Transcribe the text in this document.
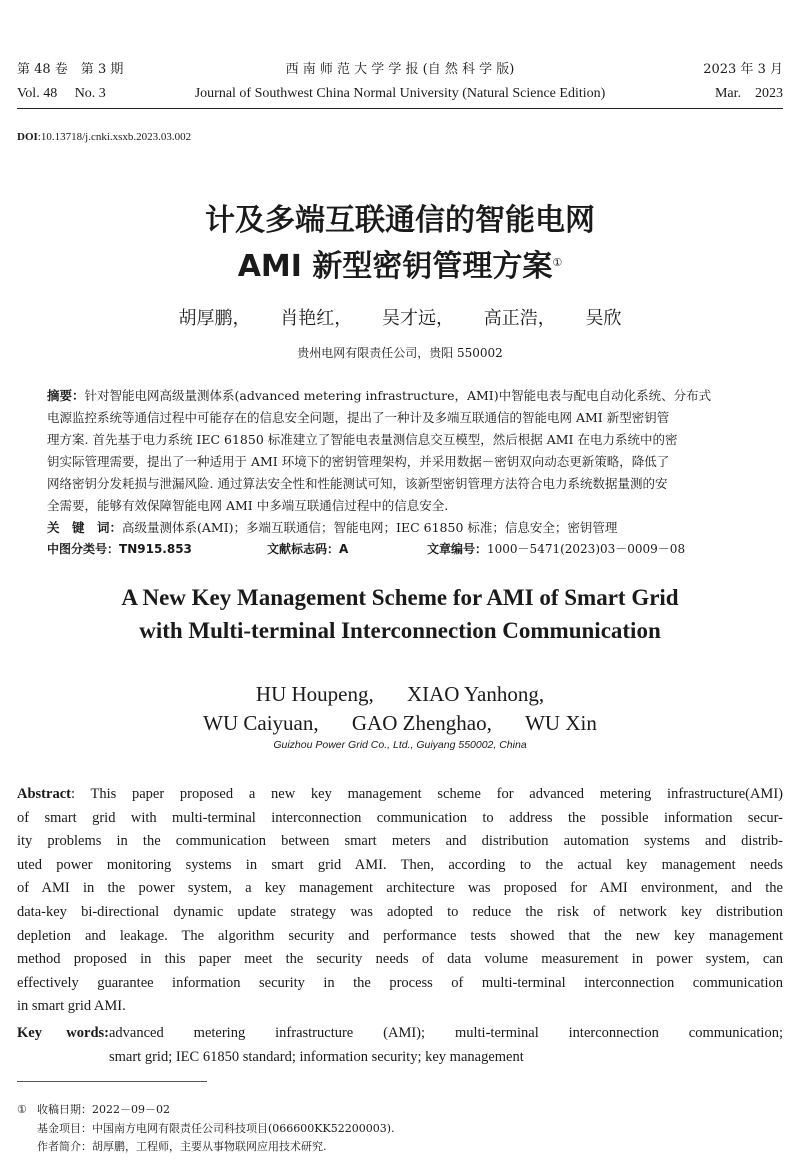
第 48 卷　第 3 期	西 南 师 范 大 学 学 报 (自 然 科 学 版)	2023 年 3 月
Vol. 48　 No. 3	Journal of Southwest China Normal University (Natural Science Edition)	Mar.　2023
DOI:10.13718/j.cnki.xsxb.2023.03.002
计及多端互联通信的智能电网
AMI 新型密钥管理方案①
胡厚鹏， 肖艳红， 吴才远， 高正浩， 吴欣
贵州电网有限责任公司，贵阳 550002
摘要：针对智能电网高级量测体系(advanced metering infrastructure，AMI)中智能电表与配电自动化系统、分布式
电源监控系统等通信过程中可能存在的信息安全问题，提出了一种计及多端互联通信的智能电网 AMI 新型密钥管
理方案. 首先基于电力系统 IEC 61850 标准建立了智能电表量测信息交互模型，然后根据 AMI 在电力系统中的密
钥实际管理需要，提出了一种适用于 AMI 环境下的密钥管理架构，并采用数据－密钥双向动态更新策略，降低了
网络密钥分发耗损与泄漏风险. 通过算法安全性和性能测试可知，该新型密钥管理方法符合电力系统数据量测的安
全需要，能够有效保障智能电网 AMI 中多端互联通信过程中的信息安全.
关　键　词：高级量测体系(AMI)；多端互联通信；智能电网；IEC 61850 标准；信息安全；密钥管理
中图分类号：TN915.853	文献标志码：A	文章编号：1000－5471(2023)03－0009－08
A New Key Management Scheme for AMI of Smart Grid
with Multi-terminal Interconnection Communication
HU Houpeng, XIAO Yanhong,
WU Caiyuan, GAO Zhenghao, WU Xin
Guizhou Power Grid Co., Ltd., Guiyang 550002, China
Abstract: This paper proposed a new key management scheme for advanced metering infrastructure(AMI)
of smart grid with multi-terminal interconnection communication to address the possible information secur-
ity problems in the communication between smart meters and distribution automation systems and distrib-
uted power monitoring systems in smart grid AMI. Then, according to the actual key management needs
of AMI in the power system, a key management architecture was proposed for AMI environment, and the
data-key bi-directional dynamic update strategy was adopted to reduce the risk of network key distribution
depletion and leakage. The algorithm security and performance tests showed that the new key management
method proposed in this paper meet the security needs of data volume measurement in power system, can
effectively guarantee information security in the process of multi-terminal interconnection communication
in smart grid AMI.
Key words:advanced metering infrastructure (AMI); multi-terminal interconnection communication;
smart grid; IEC 61850 standard; information security; key management
① 收稿日期：2022－09－02
基金项目：中国南方电网有限责任公司科技项目(066600KK52200003).
作者简介：胡厚鹏，工程师，主要从事物联网应用技术研究.
